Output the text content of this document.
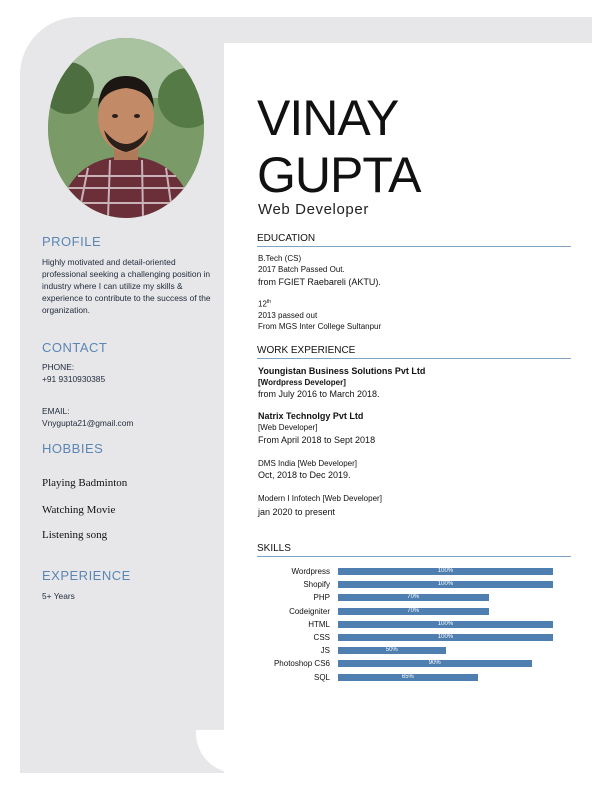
PROFILE
Highly motivated and detail-oriented professional seeking a challenging position in industry where I can utilize my skills & experience to contribute to the success of the organization.
CONTACT
PHONE:
+91 9310930385
EMAIL:
Vnygupta21@gmail.com
HOBBIES
Playing Badminton
Watching Movie
Listening song
EXPERIENCE
5+ Years
VINAY
GUPTA
Web Developer
EDUCATION
B.Tech (CS)
2017 Batch Passed Out.
from FGIET Raebareli (AKTU).
12th
2013 passed out
From MGS Inter College Sultanpur
WORK EXPERIENCE
Youngistan Business Solutions Pvt Ltd
[Wordpress Developer]
from July 2016 to March 2018.
Natrix Technolgy Pvt Ltd
[Web Developer]
From April 2018 to Sept 2018
DMS India [Web Developer]
Oct, 2018 to Dec 2019.
Modern I Infotech [Web Developer]
jan 2020 to present
SKILLS
Wordpress	100%
Shopify	100%
PHP	70%
Codeigniter	70%
HTML	100%
CSS	100%
JS	50%
Photoshop CS6	90%
SQL	65%
